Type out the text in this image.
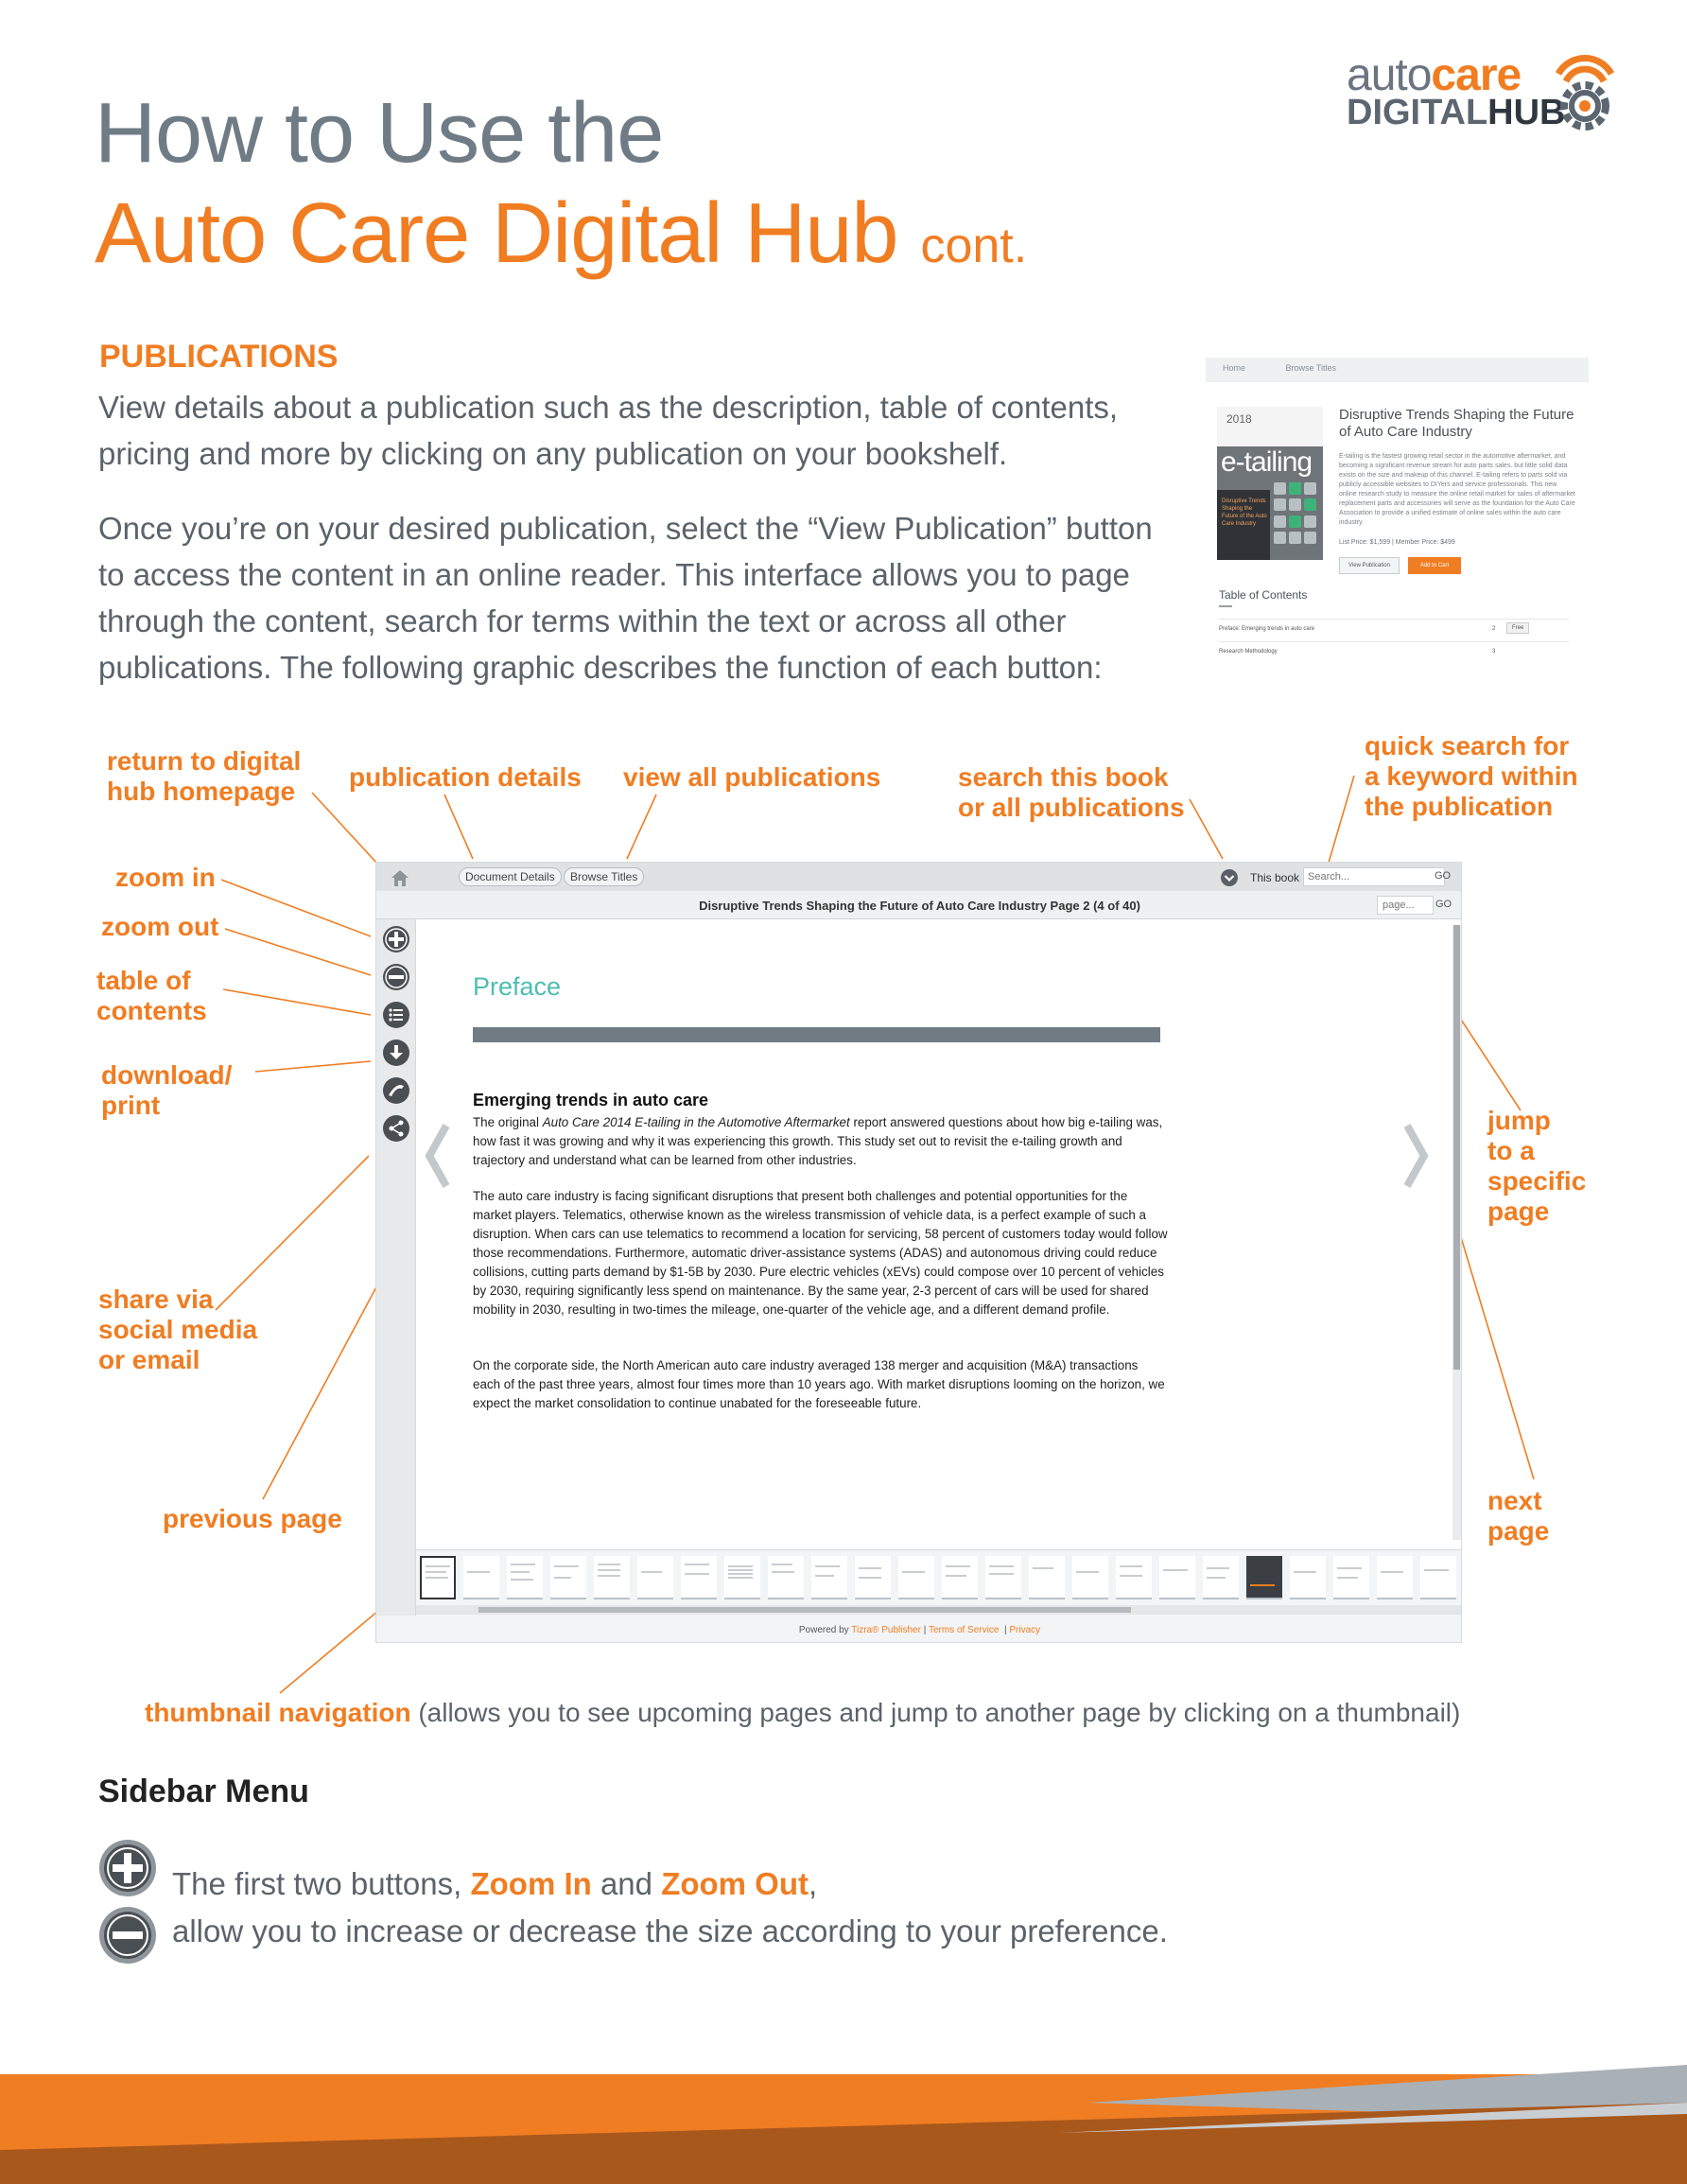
How to Use the
Auto Care Digital Hub cont.
autocare
DIGITALHUB
PUBLICATIONS
View details about a publication such as the description, table of contents, pricing and more by clicking on any publication on your bookshelf.
Once you’re on your desired publication, select the “View Publication” button to access the content in an online reader. This interface allows you to page through the content, search for terms within the text or across all other publications. The following graphic describes the function of each button:
Home	Browse Titles
2018
e-tailing
Disruptive Trends Shaping the Future of the Auto Care Industry
Disruptive Trends Shaping the Future of Auto Care Industry
E-tailing is the fastest growing retail sector in the automotive aftermarket, and becoming a significant revenue stream for auto parts sales. but little solid data exists on the size and makeup of this channel. E-tailing refers to parts sold via publicly accessible websites to DIYers and service professionals. This new online research study to measure the online retail market for sales of aftermarket replacement parts and accessories will serve as the foundation for the Auto Care Association to provide a unified estimate of online sales within the auto care industry.
List Price: $1,599 | Member Price: $499
View Publication	Add to Cart
Table of Contents
Preface: Emerging trends in auto care	2	Free
Research Methodology	3
return to digital
hub homepage publication details view all publications	search this book
or all publications
quick search for
a keyword within
the publication
zoom in
zoom out
table of
contents
download/
print
share via
social media
or email
previous page
jump
to a
specific
page
next
page
Document Details	Browse Titles	This book
Search...	GO
Disruptive Trends Shaping the Future of Auto Care Industry Page 2 (4 of 40)
page...	GO
Preface
Emerging trends in auto care
The original Auto Care 2014 E-tailing in the Automotive Aftermarket report answered questions about how big e-tailing was, how fast it was growing and why it was experiencing this growth. This study set out to revisit the e-tailing growth and trajectory and understand what can be learned from other industries.
The auto care industry is facing significant disruptions that present both challenges and potential opportunities for the market players. Telematics, otherwise known as the wireless transmission of vehicle data, is a perfect example of such a disruption. When cars can use telematics to recommend a location for servicing, 58 percent of customers today would follow those recommendations. Furthermore, automatic driver-assistance systems (ADAS) and autonomous driving could reduce collisions, cutting parts demand by $1-5B by 2030. Pure electric vehicles (xEVs) could compose over 10 percent of vehicles by 2030, requiring significantly less spend on maintenance. By the same year, 2-3 percent of cars will be used for shared mobility in 2030, resulting in two-times the mileage, one-quarter of the vehicle age, and a different demand profile.
On the corporate side, the North American auto care industry averaged 138 merger and acquisition (M&A) transactions each of the past three years, almost four times more than 10 years ago. With market disruptions looming on the horizon, we expect the market consolidation to continue unabated for the foreseeable future.
Powered by Tizra® Publisher | Terms of Service  | Privacy
thumbnail navigation (allows you to see upcoming pages and jump to another page by clicking on a thumbnail)
Sidebar Menu
The first two buttons, Zoom In and Zoom Out,
allow you to increase or decrease the size according to your preference.
